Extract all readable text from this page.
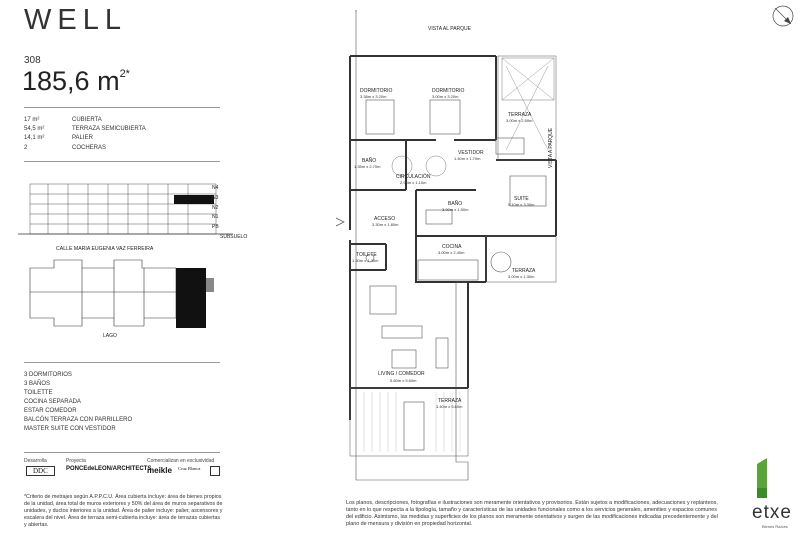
WELL
308
185,6 $m^{2*}$
17 m²	CUBIERTA
54,5 m²	TERRAZA SEMICUBIERTA
14,1 m²	PALIER
2	COCHERAS
N4
N3
N2
N1
PB
SUBSUELO
CALLE MARIA EUGENIA VAZ FERREIRA
LAGO
3 DORMITORIOS
3 BAÑOS
TOILETTE
COCINA SEPARADA
ESTAR COMEDOR
BALCÓN TERRAZA CON PARRILLERO
MASTER SUITE CON VESTIDOR
Desarrolla	Proyecta	Comercializan en exclusividad
DDC	PONCEdeLEON/ARCHITECTS
meikle Cruz Blanca
*Criterio de metrajes según A.P.P.C.U. Área cubierta incluye: área de bienes propios de la unidad, área total de muros exteriores y 50% del área de muros separativos de unidades, y ductos interiores a la unidad. Área de palier incluye: palier, ascensores y escalera del nivel. Área de terraza semi-cubierta incluye: área de terrazas cubiertas y abiertas.
VISTA AL PARQUE
VISTA A PARQUE
DORMITORIO
3.38m x 3.20m
DORMITORIO
3.00m x 3.20m
TERRAZA
3.00m x 2.50m
BAÑO
1.35m x 2.70m
VESTIDOR
1.40m x 1.70m
CIRCULACIÓN
2.95m x 1.10m
SUITE
5.10m x 3.30m
BAÑO
3.00m x 1.50m
ACCESO
3.30m x 1.80m
COCINA
3.00m x 2.40m
TOILETE
1.30m x 1.30m
TERRAZA
3.00m x 1.30m
LIVING / COMEDOR
5.60m x 5.60m
TERRAZA
3.40m x 5.60m
Los planos, descripciones, fotografías e ilustraciones son meramente orientativos y provisorios. Están sujetos a modificaciones, adecuaciones y replanteos, tanto en lo que respecta a la tipología, tamaño y características de las unidades funcionales como a los servicios generales, amenities y espacios comunes del edificio. Asimismo, las medidas y superficies de los planos son meramente orientativos y surgen de las modificaciones indicadas precedentemente y del plano de mensura y división en propiedad horizontal.
etxe
Bienes Raíces
